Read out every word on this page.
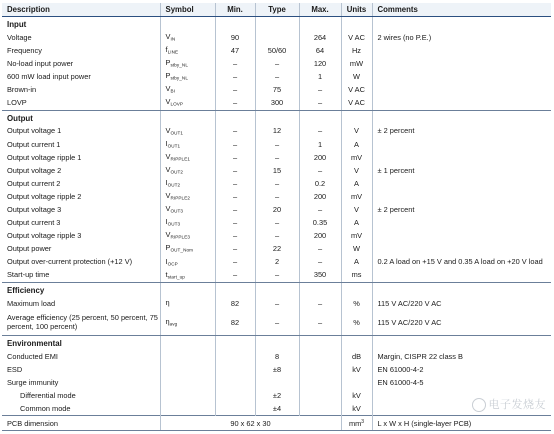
Description	Symbol	Min.	Type	Max.	Units	Comments
Input						
Voltage	$V_{IN}$	90		264	V AC	2 wires (no P.E.)
Frequency	$f_{LINE}$	47	50/60	64	Hz	
No-load input power	$P_{stby\_NL}$	–	–	120	mW	
600 mW load input power	$P_{stby\_NL}$	–	–	1	W	
Brown-in	$V_{BI}$	–	75	–	V AC	
LOVP	$V_{LOVP}$	–	300	–	V AC	
Output						
Output voltage 1	$V_{OUT1}$	–	12	–	V	± 2 percent
Output current 1	$I_{OUT1}$	–	–	1	A	
Output voltage ripple 1	$V_{RIPPLE1}$	–	–	200	mV	
Output voltage 2	$V_{OUT2}$	–	15	–	V	± 1 percent
Output current 2	$I_{OUT2}$	–	–	0.2	A	
Output voltage ripple 2	$V_{RIPPLE2}$	–	–	200	mV	
Output voltage 3	$V_{OUT3}$	–	20	–	V	± 2 percent
Output current 3	$I_{OUT3}$	–	–	0.35	A	
Output voltage ripple 3	$V_{RIPPLE3}$	–	–	200	mV	
Output power	$P_{OUT\_Nom}$	–	22	–	W	
Output over-current protection (+12 V)	$I_{OCP}$	–	2	–	A	0.2 A load on +15 V and 0.35 A load on +20 V load
Start-up time	$t_{start\_up}$	–	–	350	ms	
Efficiency						
Maximum load	η	82	–	–	%	115 V AC/220 V AC
Average efficiency (25 percent, 50 percent, 75 percent, 100 percent)	$\eta_{avg}$	82	–	–	%	115 V AC/220 V AC
Environmental						
Conducted EMI			8		dB	Margin, CISPR 22 class B
ESD			±8		kV	EN 61000-4-2
Surge immunity						EN 61000-4-5
Differential mode			±2		kV	
Common mode			±4		kV	
PCB dimension	90 x 62 x 30				$mm^3$	L x W x H (single-layer PCB)
电子发烧友
